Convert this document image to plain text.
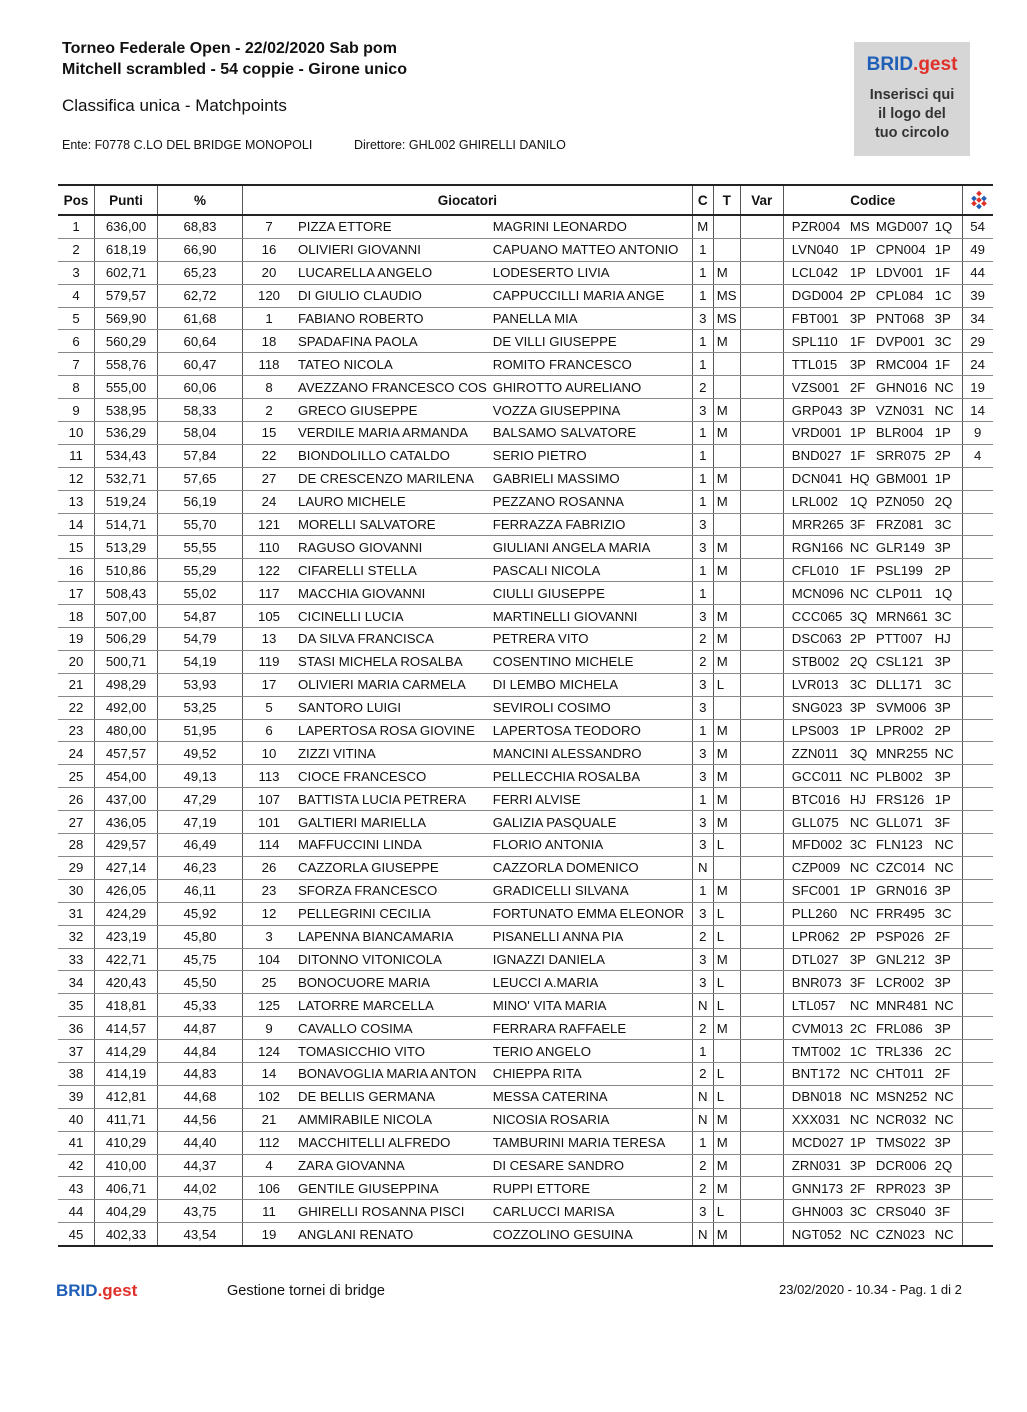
Torneo Federale Open - 22/02/2020 Sab pom
Mitchell scrambled - 54 coppie - Girone unico
Classifica unica - Matchpoints
Ente: F0778 C.LO DEL BRIDGE MONOPOLI	Direttore: GHL002 GHIRELLI DANILO
BRID.gest
Inserisci qui
il logo del
tuo circolo
Pos	Punti	%	Giocatori			C	T	Var	Codice	

1	636,00	68,83	7	PIZZA ETTORE	MAGRINI LEONARDO	M			PZR004	MS	MGD007	1Q	54
2	618,19	66,90	16	OLIVIERI GIOVANNI	CAPUANO MATTEO ANTONIO	1			LVN040	1P	CPN004	1P	49
3	602,71	65,23	20	LUCARELLA ANGELO	LODESERTO LIVIA	1	M		LCL042	1P	LDV001	1F	44
4	579,57	62,72	120	DI GIULIO CLAUDIO	CAPPUCCILLI MARIA ANGE	1	MS		DGD004	2P	CPL084	1C	39
5	569,90	61,68	1	FABIANO ROBERTO	PANELLA MIA	3	MS		FBT001	3P	PNT068	3P	34
6	560,29	60,64	18	SPADAFINA PAOLA	DE VILLI GIUSEPPE	1	M		SPL110	1F	DVP001	3C	29
7	558,76	60,47	118	TATEO NICOLA	ROMITO FRANCESCO	1			TTL015	3P	RMC004	1F	24
8	555,00	60,06	8	AVEZZANO FRANCESCO COS	GHIROTTO AURELIANO	2			VZS001	2F	GHN016	NC	19
9	538,95	58,33	2	GRECO GIUSEPPE	VOZZA GIUSEPPINA	3	M		GRP043	3P	VZN031	NC	14
10	536,29	58,04	15	VERDILE MARIA ARMANDA	BALSAMO SALVATORE	1	M		VRD001	1P	BLR004	1P	9
11	534,43	57,84	22	BIONDOLILLO CATALDO	SERIO PIETRO	1			BND027	1F	SRR075	2P	4
12	532,71	57,65	27	DE CRESCENZO MARILENA	GABRIELI MASSIMO	1	M		DCN041	HQ	GBM001	1P	
13	519,24	56,19	24	LAURO MICHELE	PEZZANO ROSANNA	1	M		LRL002	1Q	PZN050	2Q	
14	514,71	55,70	121	MORELLI SALVATORE	FERRAZZA FABRIZIO	3			MRR265	3F	FRZ081	3C	
15	513,29	55,55	110	RAGUSO GIOVANNI	GIULIANI ANGELA MARIA	3	M		RGN166	NC	GLR149	3P	
16	510,86	55,29	122	CIFARELLI STELLA	PASCALI NICOLA	1	M		CFL010	1F	PSL199	2P	
17	508,43	55,02	117	MACCHIA GIOVANNI	CIULLI GIUSEPPE	1			MCN096	NC	CLP011	1Q	
18	507,00	54,87	105	CICINELLI LUCIA	MARTINELLI GIOVANNI	3	M		CCC065	3Q	MRN661	3C	
19	506,29	54,79	13	DA SILVA FRANCISCA	PETRERA VITO	2	M		DSC063	2P	PTT007	HJ	
20	500,71	54,19	119	STASI MICHELA ROSALBA	COSENTINO MICHELE	2	M		STB002	2Q	CSL121	3P	
21	498,29	53,93	17	OLIVIERI MARIA CARMELA	DI LEMBO MICHELA	3	L		LVR013	3C	DLL171	3C	
22	492,00	53,25	5	SANTORO LUIGI	SEVIROLI COSIMO	3			SNG023	3P	SVM006	3P	
23	480,00	51,95	6	LAPERTOSA ROSA GIOVINE	LAPERTOSA TEODORO	1	M		LPS003	1P	LPR002	2P	
24	457,57	49,52	10	ZIZZI VITINA	MANCINI ALESSANDRO	3	M		ZZN011	3Q	MNR255	NC	
25	454,00	49,13	113	CIOCE FRANCESCO	PELLECCHIA ROSALBA	3	M		GCC011	NC	PLB002	3P	
26	437,00	47,29	107	BATTISTA LUCIA PETRERA	FERRI ALVISE	1	M		BTC016	HJ	FRS126	1P	
27	436,05	47,19	101	GALTIERI MARIELLA	GALIZIA PASQUALE	3	M		GLL075	NC	GLL071	3F	
28	429,57	46,49	114	MAFFUCCINI LINDA	FLORIO ANTONIA	3	L		MFD002	3C	FLN123	NC	
29	427,14	46,23	26	CAZZORLA GIUSEPPE	CAZZORLA DOMENICO	N			CZP009	NC	CZC014	NC	
30	426,05	46,11	23	SFORZA FRANCESCO	GRADICELLI SILVANA	1	M		SFC001	1P	GRN016	3P	
31	424,29	45,92	12	PELLEGRINI CECILIA	FORTUNATO EMMA ELEONOR	3	L		PLL260	NC	FRR495	3C	
32	423,19	45,80	3	LAPENNA BIANCAMARIA	PISANELLI ANNA PIA	2	L		LPR062	2P	PSP026	2F	
33	422,71	45,75	104	DITONNO VITONICOLA	IGNAZZI DANIELA	3	M		DTL027	3P	GNL212	3P	
34	420,43	45,50	25	BONOCUORE MARIA	LEUCCI A.MARIA	3	L		BNR073	3F	LCR002	3P	
35	418,81	45,33	125	LATORRE MARCELLA	MINO' VITA MARIA	N	L		LTL057	NC	MNR481	NC	
36	414,57	44,87	9	CAVALLO COSIMA	FERRARA RAFFAELE	2	M		CVM013	2C	FRL086	3P	
37	414,29	44,84	124	TOMASICCHIO VITO	TERIO ANGELO	1			TMT002	1C	TRL336	2C	
38	414,19	44,83	14	BONAVOGLIA MARIA ANTON	CHIEPPA RITA	2	L		BNT172	NC	CHT011	2F	
39	412,81	44,68	102	DE BELLIS GERMANA	MESSA CATERINA	N	L		DBN018	NC	MSN252	NC	
40	411,71	44,56	21	AMMIRABILE NICOLA	NICOSIA ROSARIA	N	M		XXX031	NC	NCR032	NC	
41	410,29	44,40	112	MACCHITELLI ALFREDO	TAMBURINI MARIA TERESA	1	M		MCD027	1P	TMS022	3P	
42	410,00	44,37	4	ZARA GIOVANNA	DI CESARE SANDRO	2	M		ZRN031	3P	DCR006	2Q	
43	406,71	44,02	106	GENTILE GIUSEPPINA	RUPPI ETTORE	2	M		GNN173	2F	RPR023	3P	
44	404,29	43,75	11	GHIRELLI ROSANNA PISCI	CARLUCCI MARISA	3	L		GHN003	3C	CRS040	3F	
45	402,33	43,54	19	ANGLANI RENATO	COZZOLINO GESUINA	N	M		NGT052	NC	CZN023	NC	
BRID.gest	Gestione tornei di bridge	23/02/2020 - 10.34 - Pag. 1 di 2
